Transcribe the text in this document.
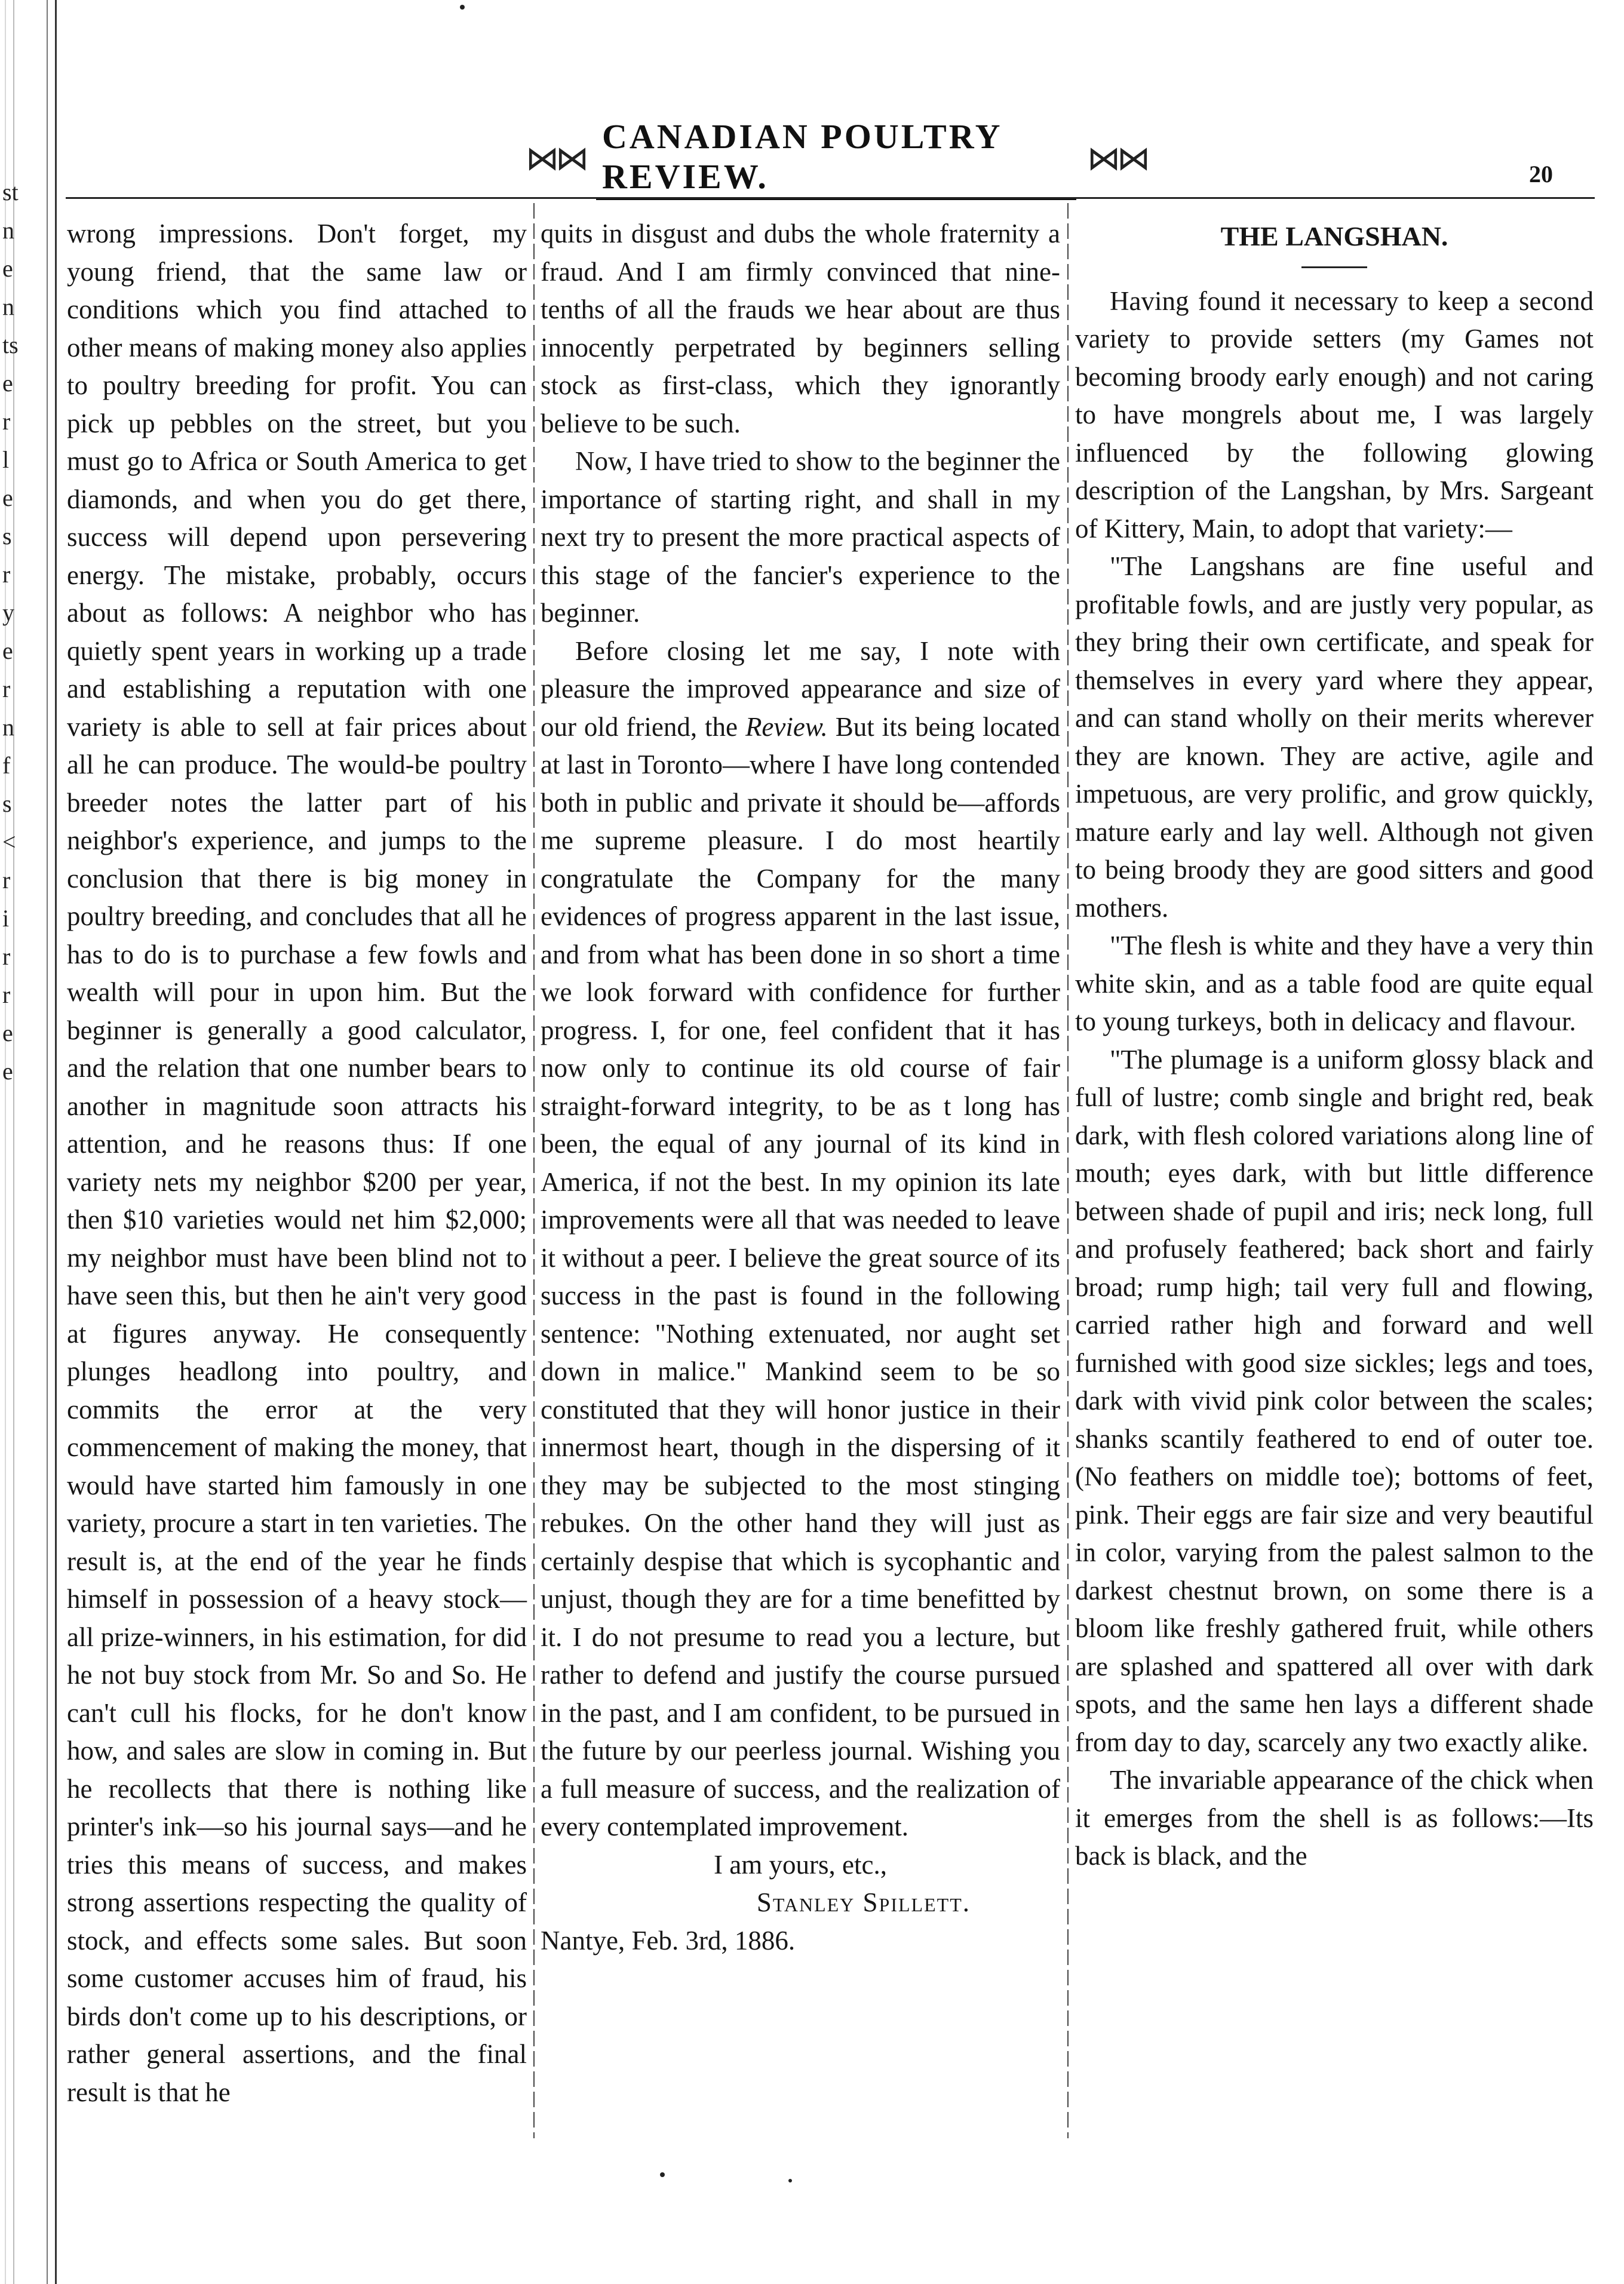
st
n
e
n
ts
e
r
l
e
s
r
y
e
r
n
f
s
<
r
i
r
r
e
e
⋈⋈
CANADIAN POULTRY REVIEW.	⋈⋈	20

wrong impressions. Don't forget, my young friend, that the same law or conditions which you find attached to other means of making money also applies to poultry breeding for profit. You can pick up pebbles on the street, but you must go to Africa or South America to get diamonds, and when you do get there, success will depend upon persevering energy. The mistake, probably, occurs about as follows: A neighbor who has quietly spent years in working up a trade and establishing a reputation with one variety is able to sell at fair prices about all he can produce. The would-be poultry breeder notes the latter part of his neighbor's experience, and jumps to the conclusion that there is big money in poultry breeding, and concludes that all he has to do is to purchase a few fowls and wealth will pour in upon him. But the beginner is generally a good calculator, and the relation that one number bears to another in magnitude soon attracts his attention, and he reasons thus: If one variety nets my neighbor $200 per year, then $10 varieties would net him $2,000; my neighbor must have been blind not to have seen this, but then he ain't very good at figures anyway. He consequently plunges headlong into poultry, and commits the error at the very commencement of making the money, that would have started him famously in one variety, procure a start in ten varieties. The result is, at the end of the year he finds himself in possession of a heavy stock—all prize-winners, in his estimation, for did he not buy stock from Mr. So and So. He can't cull his flocks, for he don't know how, and sales are slow in coming in. But he recollects that there is nothing like printer's ink—so his journal says—and he tries this means of success, and makes strong assertions respecting the quality of stock, and effects some sales. But soon some customer accuses him of fraud, his birds don't come up to his descriptions, or rather general assertions, and the final result is that he

quits in disgust and dubs the whole fraternity a fraud. And I am firmly convinced that nine-tenths of all the frauds we hear about are thus innocently perpetrated by beginners selling stock as first-class, which they ignorantly believe to be such.

Now, I have tried to show to the beginner the importance of starting right, and shall in my next try to present the more practical aspects of this stage of the fancier's experience to the beginner.

Before closing let me say, I note with pleasure the improved appearance and size of our old friend, the Review. But its being located at last in Toronto—where I have long contended both in public and private it should be—affords me supreme pleasure. I do most heartily congratulate the Company for the many evidences of progress apparent in the last issue, and from what has been done in so short a time we look forward with confidence for further progress. I, for one, feel confident that it has now only to continue its old course of fair straight-forward integrity, to be as t long has been, the equal of any journal of its kind in America, if not the best. In my opinion its late improvements were all that was needed to leave it without a peer. I believe the great source of its success in the past is found in the following sentence: "Nothing extenuated, nor aught set down in malice." Mankind seem to be so constituted that they will honor justice in their innermost heart, though in the dispersing of it they may be subjected to the most stinging rebukes. On the other hand they will just as certainly despise that which is sycophantic and unjust, though they are for a time benefitted by it. I do not presume to read you a lecture, but rather to defend and justify the course pursued in the past, and I am confident, to be pursued in the future by our peerless journal. Wishing you a full measure of success, and the realization of every contemplated improvement.

I am yours, etc.,

Stanley Spillett.

Nantye, Feb. 3rd, 1886.

THE LANGSHAN.

Having found it necessary to keep a second variety to provide setters (my Games not becoming broody early enough) and not caring to have mongrels about me, I was largely influenced by the following glowing description of the Langshan, by Mrs. Sargeant of Kittery, Main, to adopt that variety:—

"The Langshans are fine useful and profitable fowls, and are justly very popular, as they bring their own certificate, and speak for themselves in every yard where they appear, and can stand wholly on their merits wherever they are known. They are active, agile and impetuous, are very prolific, and grow quickly, mature early and lay well. Although not given to being broody they are good sitters and good mothers.

"The flesh is white and they have a very thin white skin, and as a table food are quite equal to young turkeys, both in delicacy and flavour.

"The plumage is a uniform glossy black and full of lustre; comb single and bright red, beak dark, with flesh colored variations along line of mouth; eyes dark, with but little difference between shade of pupil and iris; neck long, full and profusely feathered; back short and fairly broad; rump high; tail very full and flowing, carried rather high and forward and well furnished with good size sickles; legs and toes, dark with vivid pink color between the scales; shanks scantily feathered to end of outer toe. (No feathers on middle toe); bottoms of feet, pink. Their eggs are fair size and very beautiful in color, varying from the palest salmon to the darkest chestnut brown, on some there is a bloom like freshly gathered fruit, while others are splashed and spattered all over with dark spots, and the same hen lays a different shade from day to day, scarcely any two exactly alike.

The invariable appearance of the chick when it emerges from the shell is as follows:—Its back is black, and the
